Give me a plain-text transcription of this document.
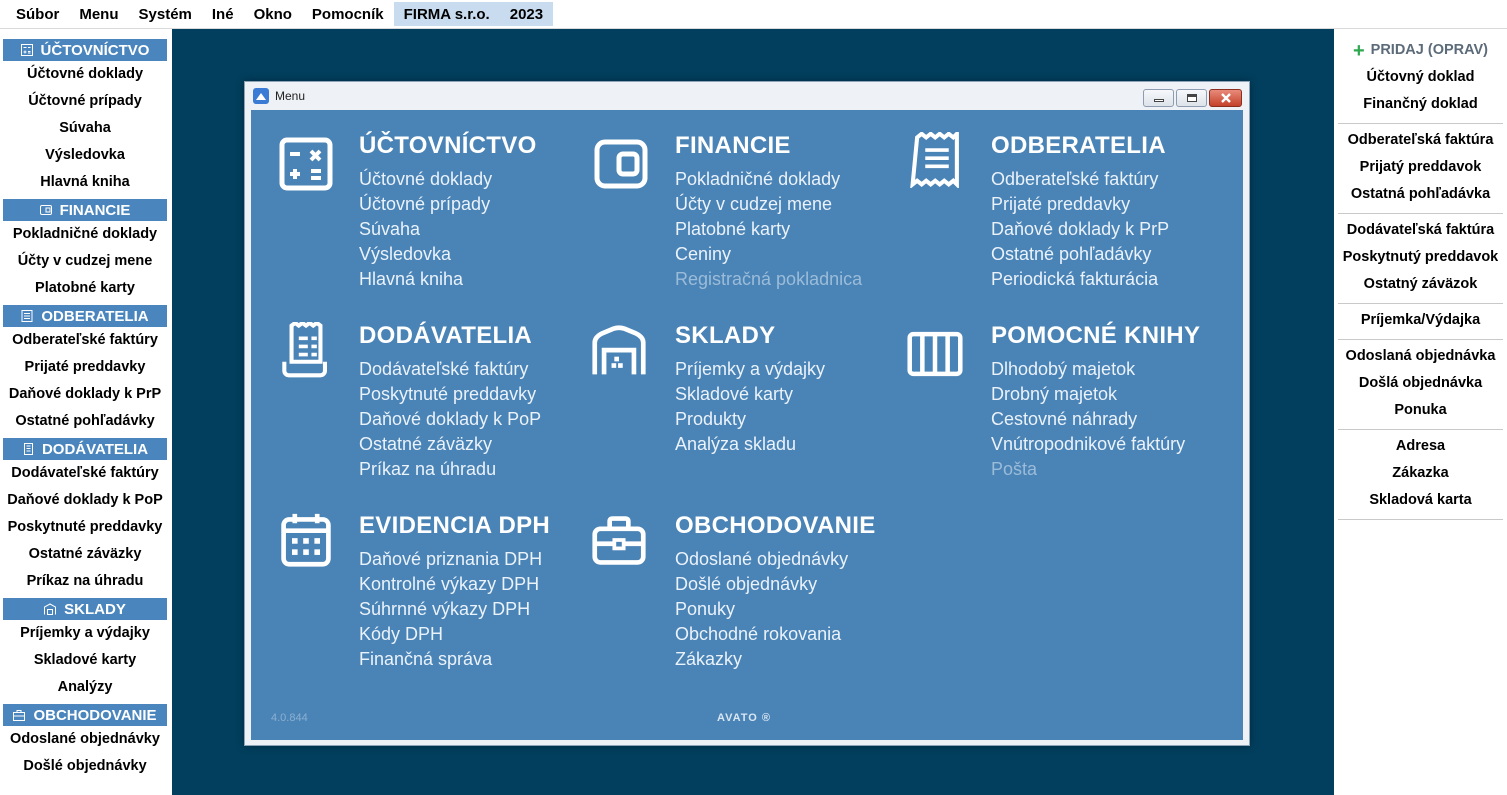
Súbor	Menu	Systém	Iné	Okno	Pomocník	FIRMA s.r.o.	2023
ÚČTOVNÍCTVO
Účtovné doklady
Účtovné prípady
Súvaha
Výsledovka
Hlavná kniha
FINANCIE
Pokladničné doklady
Účty v cudzej mene
Platobné karty
ODBERATELIA
Odberateľské faktúry
Prijaté preddavky
Daňové doklady k PrP
Ostatné pohľadávky
DODÁVATELIA
Dodávateľské faktúry
Daňové doklady k PoP
Poskytnuté preddavky
Ostatné záväzky
Príkaz na úhradu
SKLADY
Príjemky a výdajky
Skladové karty
Analýzy
OBCHODOVANIE
Odoslané objednávky
Došlé objednávky
+ PRIDAJ (OPRAV)
Účtovný doklad
Finančný doklad
Odberateľská faktúra
Prijatý preddavok
Ostatná pohľadávka
Dodávateľská faktúra
Poskytnutý preddavok
Ostatný záväzok
Príjemka/Výdajka
Odoslaná objednávka
Došlá objednávka
Ponuka
Adresa
Zákazka
Skladová karta
Menu
ÚČTOVNÍCTVO
Účtovné doklady
Účtovné prípady
Súvaha
Výsledovka
Hlavná kniha
FINANCIE
Pokladničné doklady
Účty v cudzej mene
Platobné karty
Ceniny
Registračná pokladnica
ODBERATELIA
Odberateľské faktúry
Prijaté preddavky
Daňové doklady k PrP
Ostatné pohľadávky
Periodická fakturácia
DODÁVATELIA
Dodávateľské faktúry
Poskytnuté preddavky
Daňové doklady k PoP
Ostatné záväzky
Príkaz na úhradu
SKLADY
Príjemky a výdajky
Skladové karty
Produkty
Analýza skladu
POMOCNÉ KNIHY
Dlhodobý majetok
Drobný majetok
Cestovné náhrady
Vnútropodnikové faktúry
Pošta
EVIDENCIA DPH
Daňové priznania DPH
Kontrolné výkazy DPH
Súhrnné výkazy DPH
Kódy DPH
Finančná správa
OBCHODOVANIE
Odoslané objednávky
Došlé objednávky
Ponuky
Obchodné rokovania
Zákazky
4.0.844	AVATO ®
